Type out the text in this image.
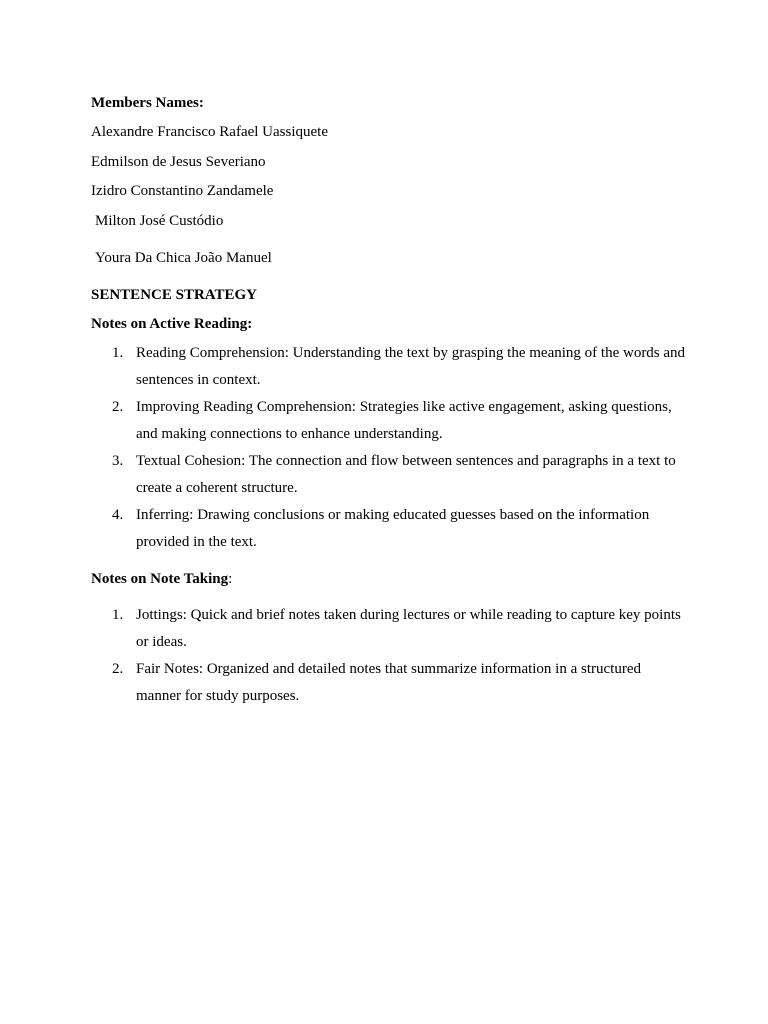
Members Names:
Alexandre Francisco Rafael Uassiquete
Edmilson de Jesus Severiano
Izidro Constantino Zandamele
Milton José Custódio
Youra Da Chica João Manuel
SENTENCE STRATEGY
Notes on Active Reading:
1. Reading Comprehension: Understanding the text by grasping the meaning of the words and sentences in context.
2. Improving Reading Comprehension: Strategies like active engagement, asking questions, and making connections to enhance understanding.
3. Textual Cohesion: The connection and flow between sentences and paragraphs in a text to create a coherent structure.
4. Inferring: Drawing conclusions or making educated guesses based on the information provided in the text.
Notes on Note Taking:
1. Jottings: Quick and brief notes taken during lectures or while reading to capture key points or ideas.
2. Fair Notes: Organized and detailed notes that summarize information in a structured manner for study purposes.
